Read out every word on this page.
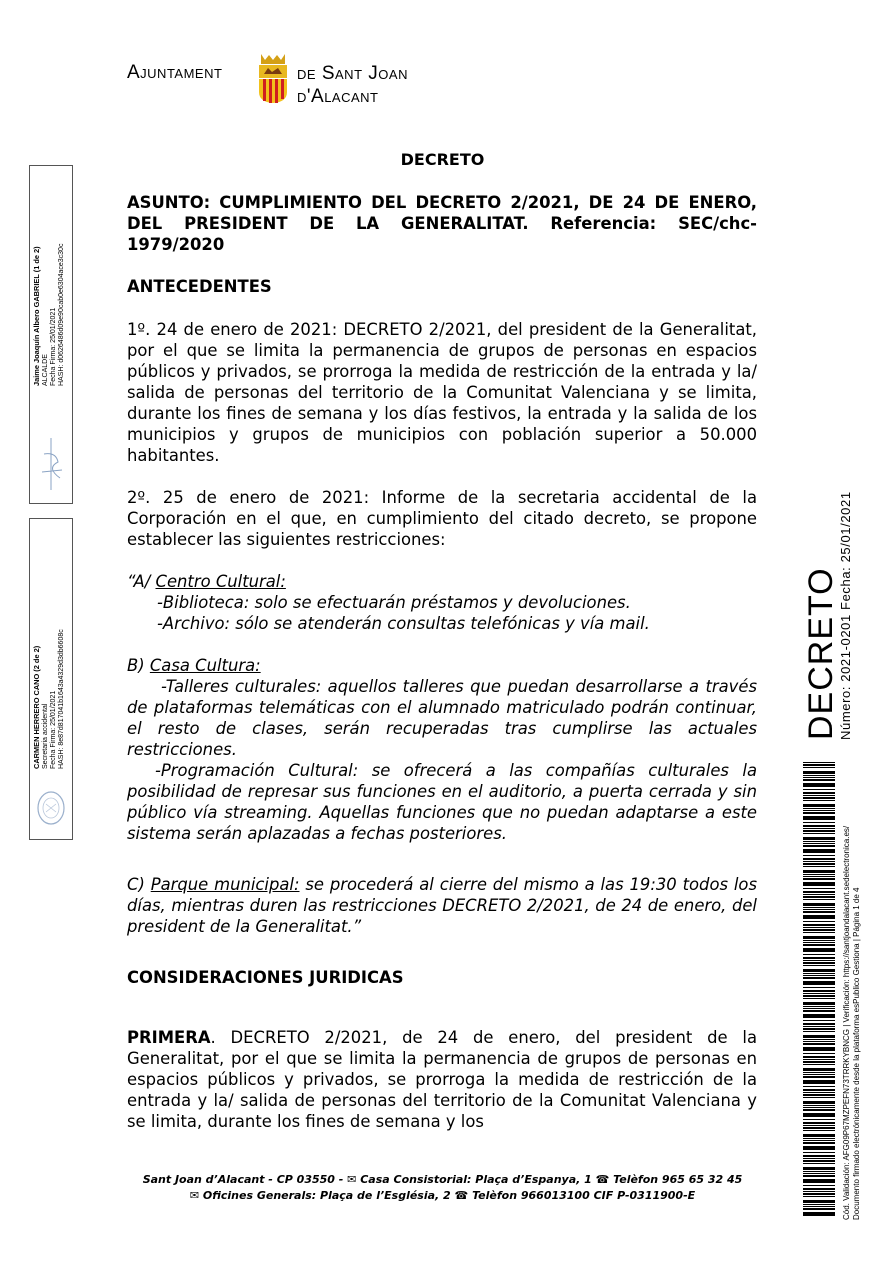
Ajuntament	de Sant Joan
d'Alacant
DECRETO
ASUNTO: CUMPLIMIENTO DEL DECRETO 2/2021, DE 24 DE ENERO, DEL PRESIDENT DE LA GENERALITAT. Referencia: SEC/chc-1979/2020
ANTECEDENTES
1º. 24 de enero de 2021: DECRETO 2/2021, del president de la Generalitat, por el que se limita la permanencia de grupos de personas en espacios públicos y privados, se prorroga la medida de restricción de la entrada y la/ salida de personas del territorio de la Comunitat Valenciana y se limita, durante los fines de semana y los días festivos, la entrada y la salida de los municipios y grupos de municipios con población superior a 50.000 habitantes.
2º. 25 de enero de 2021: Informe de la secretaria accidental de la Corporación en el que, en cumplimiento del citado decreto, se propone establecer las siguientes restricciones:
“A/ Centro Cultural:
-Biblioteca: solo se efectuarán préstamos y devoluciones.
-Archivo: sólo se atenderán consultas telefónicas y vía mail.
B) Casa Cultura:
-Talleres culturales: aquellos talleres que puedan desarrollarse a través de plataformas telemáticas con el alumnado matriculado podrán continuar, el resto de clases, serán recuperadas tras cumplirse las actuales restricciones.
-Programación Cultural: se ofrecerá a las compañías culturales la posibilidad de represar sus funciones en el auditorio, a puerta cerrada y sin público vía streaming. Aquellas funciones que no puedan adaptarse a este sistema serán aplazadas a fechas posteriores.
C) Parque municipal: se procederá al cierre del mismo a las 19:30 todos los días, mientras duren las restricciones DECRETO 2/2021, de 24 de enero, del president de la Generalitat.”
CONSIDERACIONES JURIDICAS
PRIMERA. DECRETO 2/2021, de 24 de enero, del president de la Generalitat, por el que se limita la permanencia de grupos de personas en espacios públicos y privados, se prorroga la medida de restricción de la entrada y la/ salida de personas del territorio de la Comunitat Valenciana y se limita, durante los fines de semana y los
Jaime Joaquín Albero GABRIEL (1 de 2)
ALCALDE
Fecha Firma: 25/01/2021
HASH: d0626486d09e90cab0e6304ace3c30c
CARMEN HERRERO CANO (2 de 2)
Secretaria accidental
Fecha Firma: 25/01/2021
HASH: 8e87d817041b1643a4329d3db6608c	DECRETO
Número: 2021-0201 Fecha: 25/01/2021
Cód. Validación: AFG09P67MZPEFN73TRRKYBNCG | Verificación: https://santjoandalacant.sedelectronica.es/ Documento firmado electrónicamente desde la plataforma esPublico Gestiona | Página 1 de 4
Sant Joan d’Alacant - CP 03550 - ✉ Casa Consistorial: Plaça d’Espanya, 1 ☎ Telèfon 965 65 32 45
✉ Oficines Generals: Plaça de l’Església, 2 ☎ Telèfon 966013100 CIF P-0311900-E
